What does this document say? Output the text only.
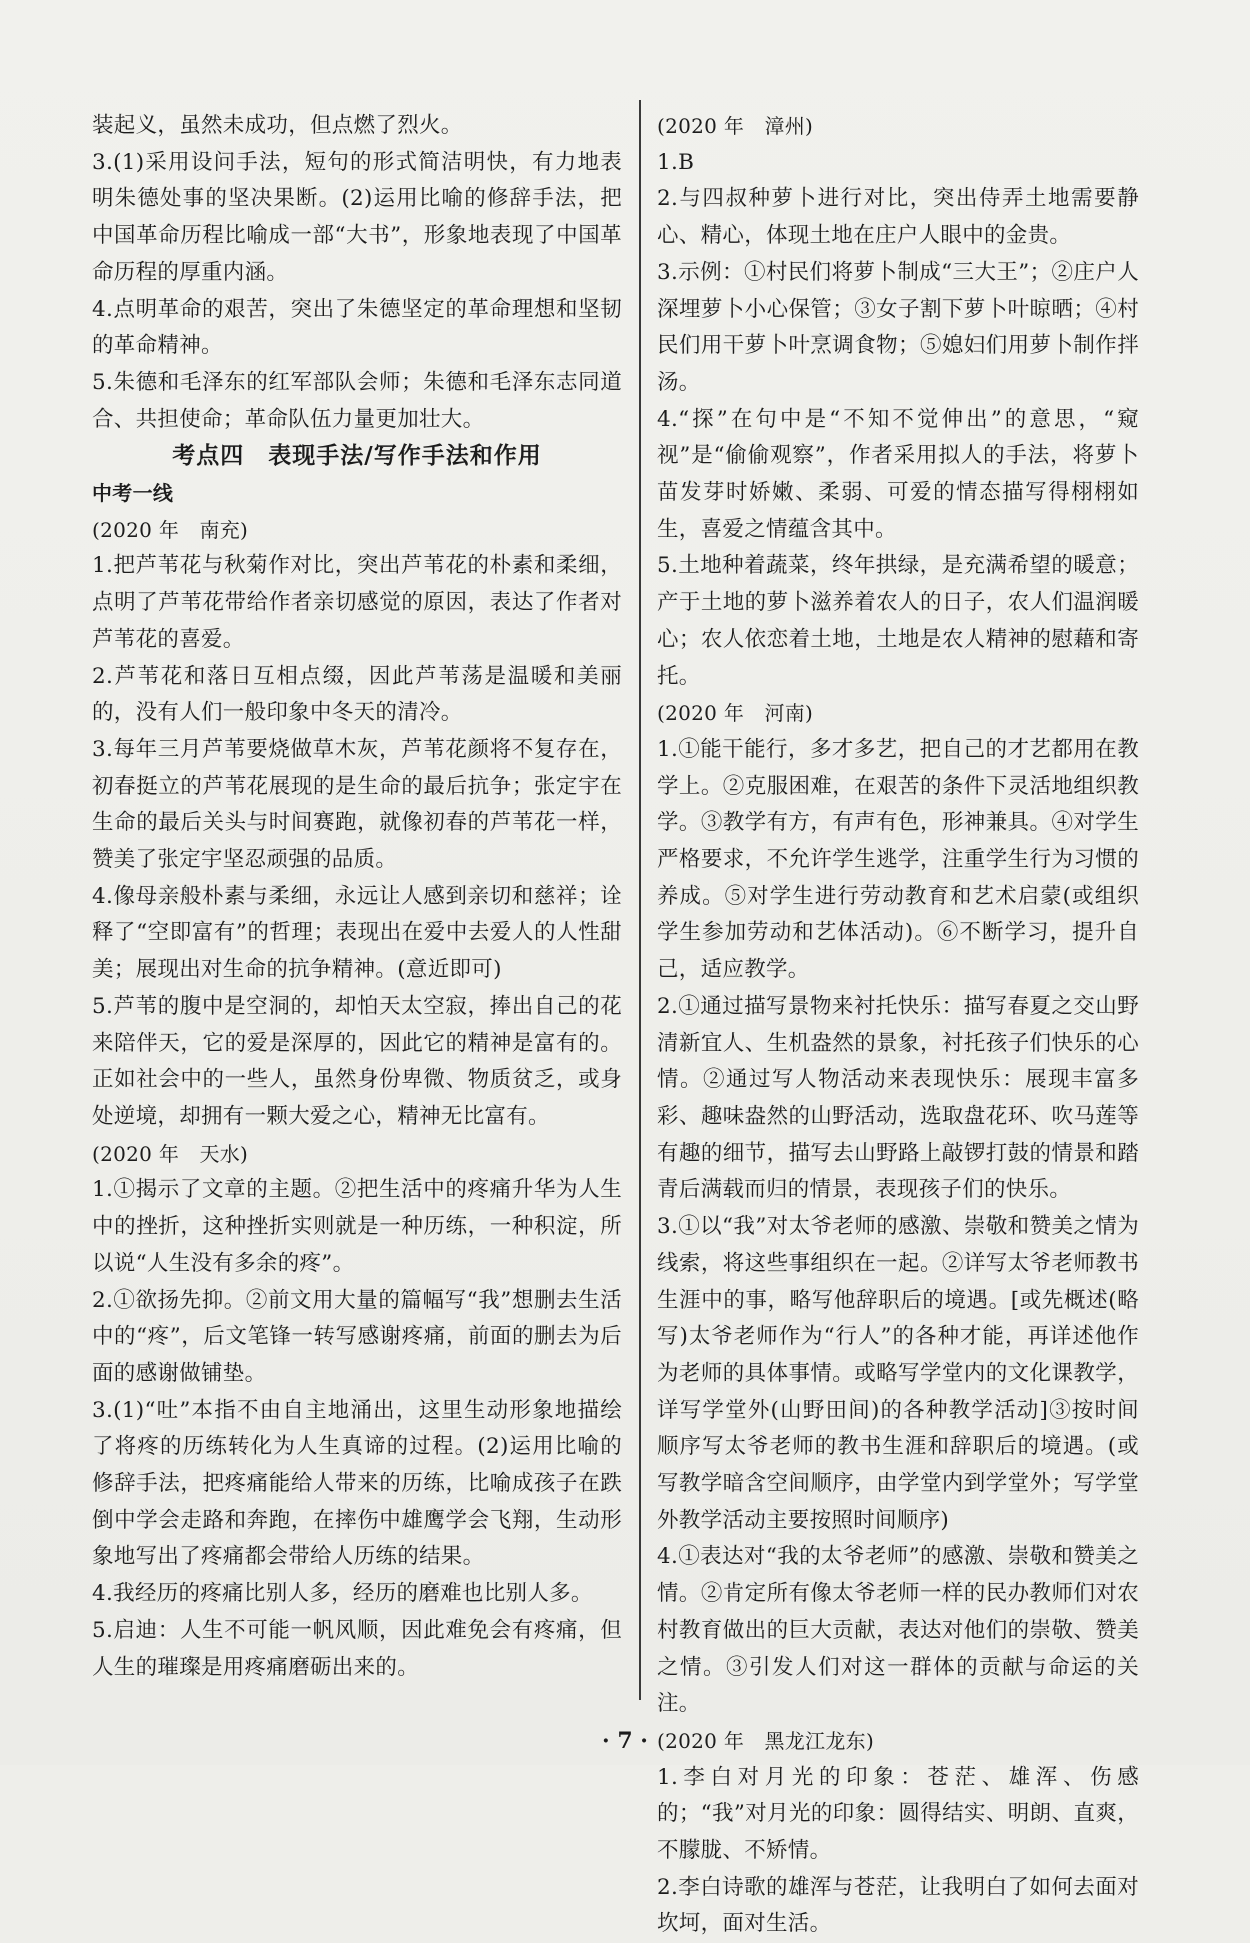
装起义，虽然未成功，但点燃了烈火。

3.(1)采用设问手法，短句的形式简洁明快，有力地表明朱德处事的坚决果断。(2)运用比喻的修辞手法，把中国革命历程比喻成一部“大书”，形象地表现了中国革命历程的厚重内涵。

4.点明革命的艰苦，突出了朱德坚定的革命理想和坚韧的革命精神。

5.朱德和毛泽东的红军部队会师；朱德和毛泽东志同道合、共担使命；革命队伍力量更加壮大。

考点四　表现手法/写作手法和作用

中考一线

(2020 年　南充)

1.把芦苇花与秋菊作对比，突出芦苇花的朴素和柔细，点明了芦苇花带给作者亲切感觉的原因，表达了作者对芦苇花的喜爱。

2.芦苇花和落日互相点缀，因此芦苇荡是温暖和美丽的，没有人们一般印象中冬天的清冷。

3.每年三月芦苇要烧做草木灰，芦苇花颜将不复存在，初春挺立的芦苇花展现的是生命的最后抗争；张定宇在生命的最后关头与时间赛跑，就像初春的芦苇花一样，赞美了张定宇坚忍顽强的品质。

4.像母亲般朴素与柔细，永远让人感到亲切和慈祥；诠释了“空即富有”的哲理；表现出在爱中去爱人的人性甜美；展现出对生命的抗争精神。(意近即可)

5.芦苇的腹中是空洞的，却怕天太空寂，捧出自己的花来陪伴天，它的爱是深厚的，因此它的精神是富有的。正如社会中的一些人，虽然身份卑微、物质贫乏，或身处逆境，却拥有一颗大爱之心，精神无比富有。

(2020 年　天水)

1.①揭示了文章的主题。②把生活中的疼痛升华为人生中的挫折，这种挫折实则就是一种历练，一种积淀，所以说“人生没有多余的疼”。

2.①欲扬先抑。②前文用大量的篇幅写“我”想删去生活中的“疼”，后文笔锋一转写感谢疼痛，前面的删去为后面的感谢做铺垫。

3.(1)“吐”本指不由自主地涌出，这里生动形象地描绘了将疼的历练转化为人生真谛的过程。(2)运用比喻的修辞手法，把疼痛能给人带来的历练，比喻成孩子在跌倒中学会走路和奔跑，在摔伤中雄鹰学会飞翔，生动形象地写出了疼痛都会带给人历练的结果。

4.我经历的疼痛比别人多，经历的磨难也比别人多。

5.启迪：人生不可能一帆风顺，因此难免会有疼痛，但人生的璀璨是用疼痛磨砺出来的。

(2020 年　漳州)

1.B

2.与四叔种萝卜进行对比，突出侍弄土地需要静心、精心，体现土地在庄户人眼中的金贵。

3.示例：①村民们将萝卜制成“三大王”；②庄户人深埋萝卜小心保管；③女子割下萝卜叶晾晒；④村民们用干萝卜叶烹调食物；⑤媳妇们用萝卜制作拌汤。

4.“探”在句中是“不知不觉伸出”的意思，“窥视”是“偷偷观察”，作者采用拟人的手法，将萝卜苗发芽时娇嫩、柔弱、可爱的情态描写得栩栩如生，喜爱之情蕴含其中。

5.土地种着蔬菜，终年拱绿，是充满希望的暖意；产于土地的萝卜滋养着农人的日子，农人们温润暖心；农人依恋着土地，土地是农人精神的慰藉和寄托。

(2020 年　河南)

1.①能干能行，多才多艺，把自己的才艺都用在教学上。②克服困难，在艰苦的条件下灵活地组织教学。③教学有方，有声有色，形神兼具。④对学生严格要求，不允许学生逃学，注重学生行为习惯的养成。⑤对学生进行劳动教育和艺术启蒙(或组织学生参加劳动和艺体活动)。⑥不断学习，提升自己，适应教学。

2.①通过描写景物来衬托快乐：描写春夏之交山野清新宜人、生机盎然的景象，衬托孩子们快乐的心情。②通过写人物活动来表现快乐：展现丰富多彩、趣味盎然的山野活动，选取盘花环、吹马莲等有趣的细节，描写去山野路上敲锣打鼓的情景和踏青后满载而归的情景，表现孩子们的快乐。

3.①以“我”对太爷老师的感激、崇敬和赞美之情为线索，将这些事组织在一起。②详写太爷老师教书生涯中的事，略写他辞职后的境遇。[或先概述(略写)太爷老师作为“行人”的各种才能，再详述他作为老师的具体事情。或略写学堂内的文化课教学，详写学堂外(山野田间)的各种教学活动]③按时间顺序写太爷老师的教书生涯和辞职后的境遇。(或写教学暗含空间顺序，由学堂内到学堂外；写学堂外教学活动主要按照时间顺序)

4.①表达对“我的太爷老师”的感激、崇敬和赞美之情。②肯定所有像太爷老师一样的民办教师们对农村教育做出的巨大贡献，表达对他们的崇敬、赞美之情。③引发人们对这一群体的贡献与命运的关注。

(2020 年　黑龙江龙东)

1.李白对月光的印象：苍茫、雄浑、伤感的；“我”对月光的印象：圆得结实、明朗、直爽，不朦胧、不矫情。

2.李白诗歌的雄浑与苍茫，让我明白了如何去面对坎坷，面对生活。

· 7 ·
